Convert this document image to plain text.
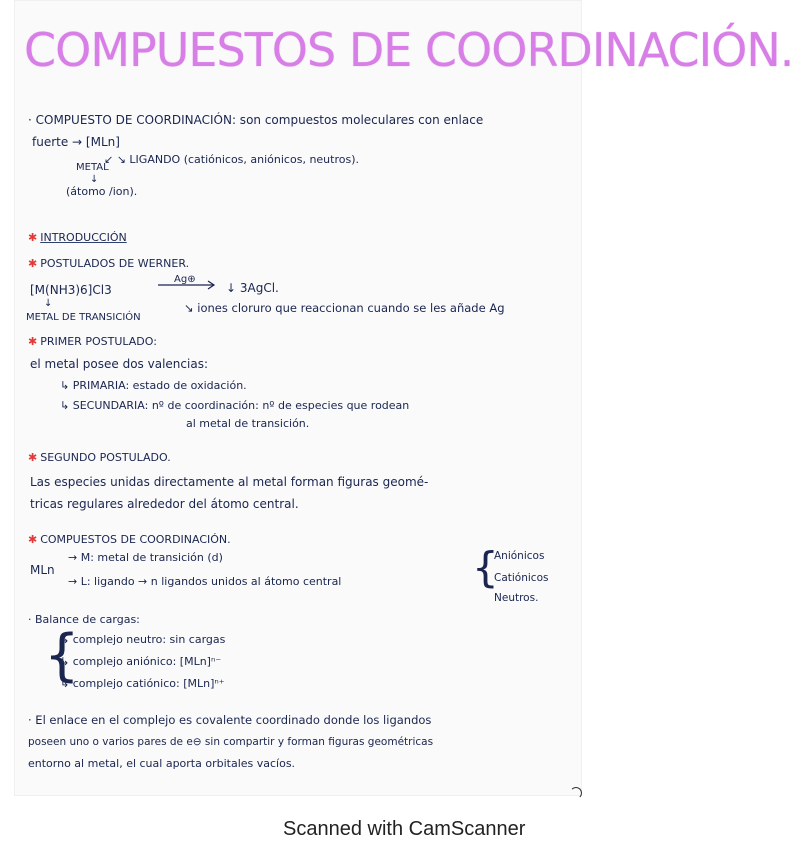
COMPUESTOS DE COORDINACIÓN.
· COMPUESTO DE COORDINACIÓN: son compuestos moleculares con enlace
fuerte → [MLn]
↙ ↘ LIGANDO (catiónicos, aniónicos, neutros).
METAL
↓
(átomo /ion).
✱ INTRODUCCIÓN
✱ POSTULADOS DE WERNER.
[M(NH3)6]Cl3
Ag⊕
↓ 3AgCl.
↓
METAL DE TRANSICIÓN
↘ iones cloruro que reaccionan cuando se les añade Ag
✱ PRIMER POSTULADO:
el metal posee dos valencias:
↳ PRIMARIA: estado de oxidación.
↳ SECUNDARIA: nº de coordinación: nº de especies que rodean
al metal de transición.
✱ SEGUNDO POSTULADO.
Las especies unidas directamente al metal forman figuras geomé-
tricas regulares alrededor del átomo central.
✱ COMPUESTOS DE COORDINACIÓN.
MLn
→ M: metal de transición (d)
→ L: ligando → n ligandos unidos al átomo central	{
Aniónicos
Catiónicos
Neutros.
· Balance de cargas:
{
↳ complejo neutro: sin cargas
↳ complejo aniónico: [MLn]ⁿ⁻
↳ complejo catiónico: [MLn]ⁿ⁺
· El enlace en el complejo es covalente coordinado donde los ligandos
poseen uno o varios pares de e⊖ sin compartir y forman figuras geométricas
entorno al metal, el cual aporta orbitales vacíos.
Scanned with CamScanner
